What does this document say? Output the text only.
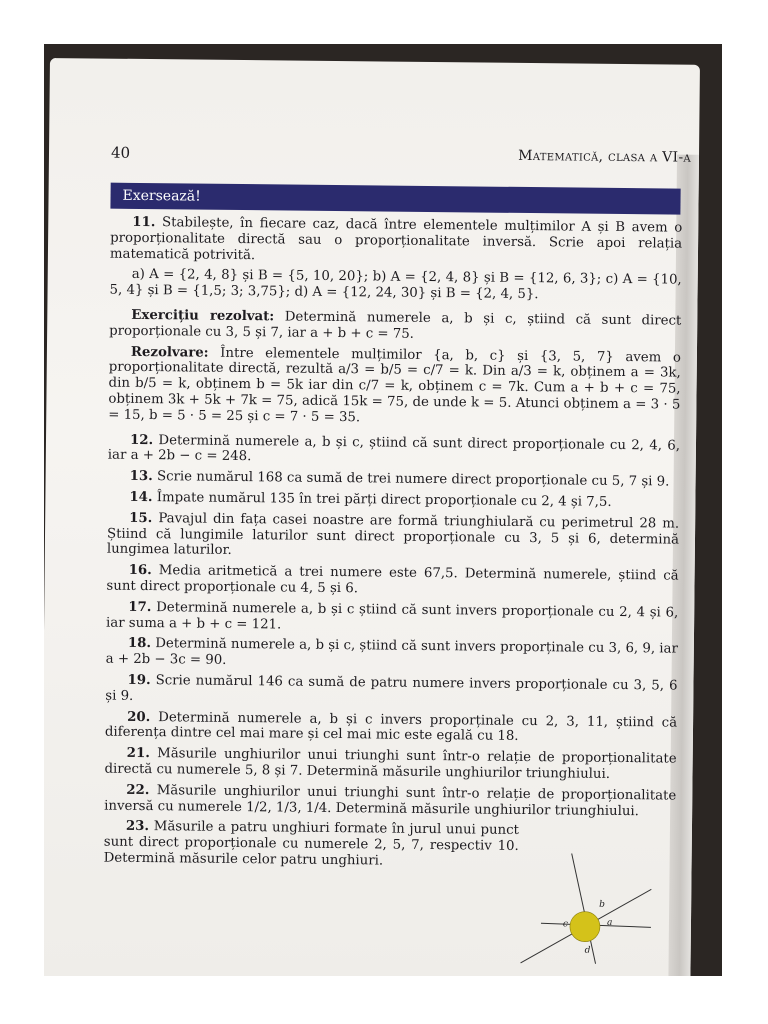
40	Matematică, clasa a VI-a
Exersează!

11. Stabilește, în fiecare caz, dacă între elementele mulțimilor A și B avem o proporționalitate directă sau o proporționalitate inversă. Scrie apoi relația matematică potrivită.

a) A = {2, 4, 8} și B = {5, 10, 20}; b) A = {2, 4, 8} și B = {12, 6, 3}; c) A = {10, 5, 4} și B = {1,5; 3; 3,75}; d) A = {12, 24, 30} și B = {2, 4, 5}.

Exercițiu rezolvat: Determină numerele a, b și c, știind că sunt direct proporționale cu 3, 5 și 7, iar a + b + c = 75.

Rezolvare: Între elementele mulțimilor {a, b, c} și {3, 5, 7} avem o proporționalitate directă, rezultă a/3 = b/5 = c/7 = k. Din a/3 = k, obținem a = 3k, din b/5 = k, obținem b = 5k iar din c/7 = k, obținem c = 7k. Cum a + b + c = 75, obținem 3k + 5k + 7k = 75, adică 15k = 75, de unde k = 5. Atunci obținem a = 3 · 5 = 15, b = 5 · 5 = 25 și c = 7 · 5 = 35.

12. Determină numerele a, b și c, știind că sunt direct proporționale cu 2, 4, 6, iar a + 2b − c = 248.

13. Scrie numărul 168 ca sumă de trei numere direct proporționale cu 5, 7 și 9.

14. Împate numărul 135 în trei părți direct proporționale cu 2, 4 și 7,5.

15. Pavajul din fața casei noastre are formă triunghiulară cu perimetrul 28 m. Știind că lungimile laturilor sunt direct proporționale cu 3, 5 și 6, determină lungimea laturilor.

16. Media aritmetică a trei numere este 67,5. Determină numerele, știind că sunt direct proporționale cu 4, 5 și 6.

17. Determină numerele a, b și c știind că sunt invers proporționale cu 2, 4 și 6, iar suma a + b + c = 121.

18. Determină numerele a, b și c, știind că sunt invers proporținale cu 3, 6, 9, iar a + 2b − 3c = 90.

19. Scrie numărul 146 ca sumă de patru numere invers proporționale cu 3, 5, 6 și 9.

20. Determină numerele a, b și c invers proporținale cu 2, 3, 11, știind că diferența dintre cel mai mare și cel mai mic este egală cu 18.

21. Măsurile unghiurilor unui triunghi sunt într-o relație de proporționalitate directă cu numerele 5, 8 și 7. Determină măsurile unghiurilor triunghiului.

22. Măsurile unghiurilor unui triunghi sunt într-o relație de proporționalitate inversă cu numerele 1/2, 1/3, 1/4. Determină măsurile unghiurilor triunghiului.

23. Măsurile a patru unghiuri formate în jurul unui punct sunt direct proporționale cu numerele 2, 5, 7, respectiv 10. Determină măsurile celor patru unghiuri.

b
a
c
d
